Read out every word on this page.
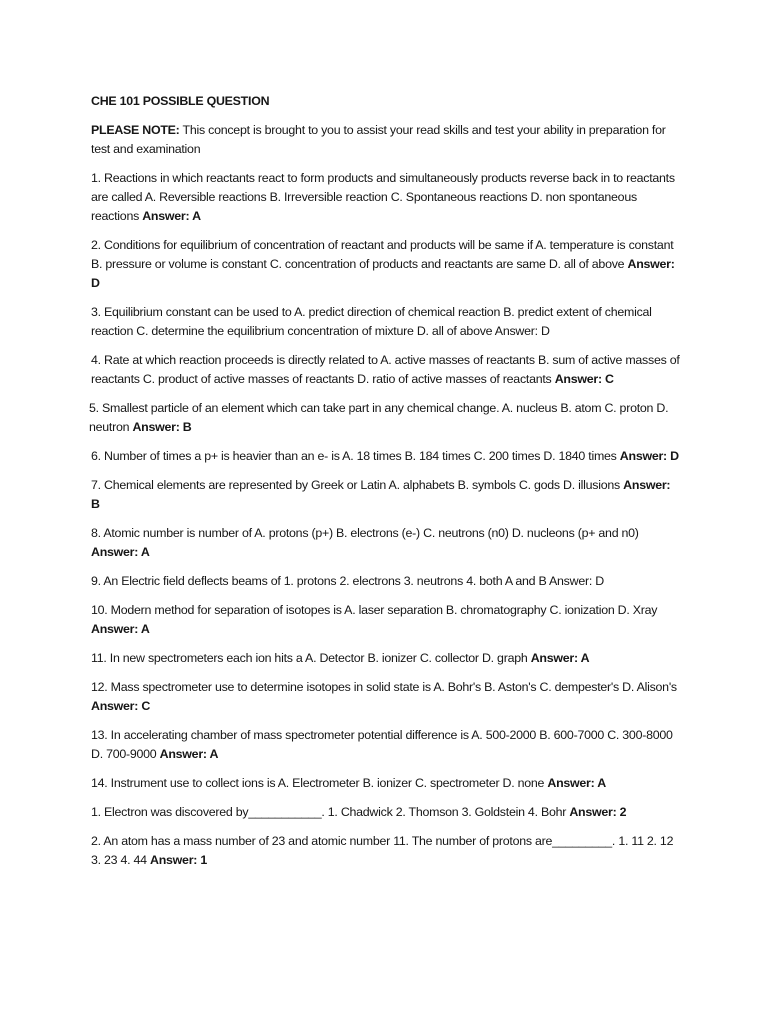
CHE 101 POSSIBLE QUESTION

PLEASE NOTE: This concept is brought to you to assist your read skills and test your ability in preparation for test and examination

1. Reactions in which reactants react to form products and simultaneously products reverse back in to reactants are called A. Reversible reactions B. Irreversible reaction C. Spontaneous reactions D. non spontaneous reactions Answer: A

2. Conditions for equilibrium of concentration of reactant and products will be same if A. temperature is constant B. pressure or volume is constant C. concentration of products and reactants are same D. all of above Answer: D

3. Equilibrium constant can be used to A. predict direction of chemical reaction B. predict extent of chemical reaction C. determine the equilibrium concentration of mixture D. all of above Answer: D

4. Rate at which reaction proceeds is directly related to A. active masses of reactants B. sum of active masses of reactants C. product of active masses of reactants D. ratio of active masses of reactants Answer: C

5. Smallest particle of an element which can take part in any chemical change. A. nucleus B. atom C. proton D. neutron Answer: B

6. Number of times a p+ is heavier than an e- is A. 18 times B. 184 times C. 200 times D. 1840 times Answer: D

7. Chemical elements are represented by Greek or Latin A. alphabets B. symbols C. gods D. illusions Answer: B

8. Atomic number is number of A. protons (p+) B. electrons (e-) C. neutrons (n0) D. nucleons (p+ and n0) Answer: A

9. An Electric field deflects beams of 1. protons 2. electrons 3. neutrons 4. both A and B Answer: D

10. Modern method for separation of isotopes is A. laser separation B. chromatography C. ionization D. Xray Answer: A

11. In new spectrometers each ion hits a A. Detector B. ionizer C. collector D. graph Answer: A

12. Mass spectrometer use to determine isotopes in solid state is A. Bohr's B. Aston's C. dempester's D. Alison's Answer: C

13. In accelerating chamber of mass spectrometer potential difference is A. 500-2000 B. 600-7000 C. 300-8000 D. 700-9000 Answer: A

14. Instrument use to collect ions is A. Electrometer B. ionizer C. spectrometer D. none Answer: A

1. Electron was discovered by___________. 1. Chadwick 2. Thomson 3. Goldstein 4. Bohr Answer: 2

2. An atom has a mass number of 23 and atomic number 11. The number of protons are_________. 1. 11 2. 12 3. 23 4. 44 Answer: 1
